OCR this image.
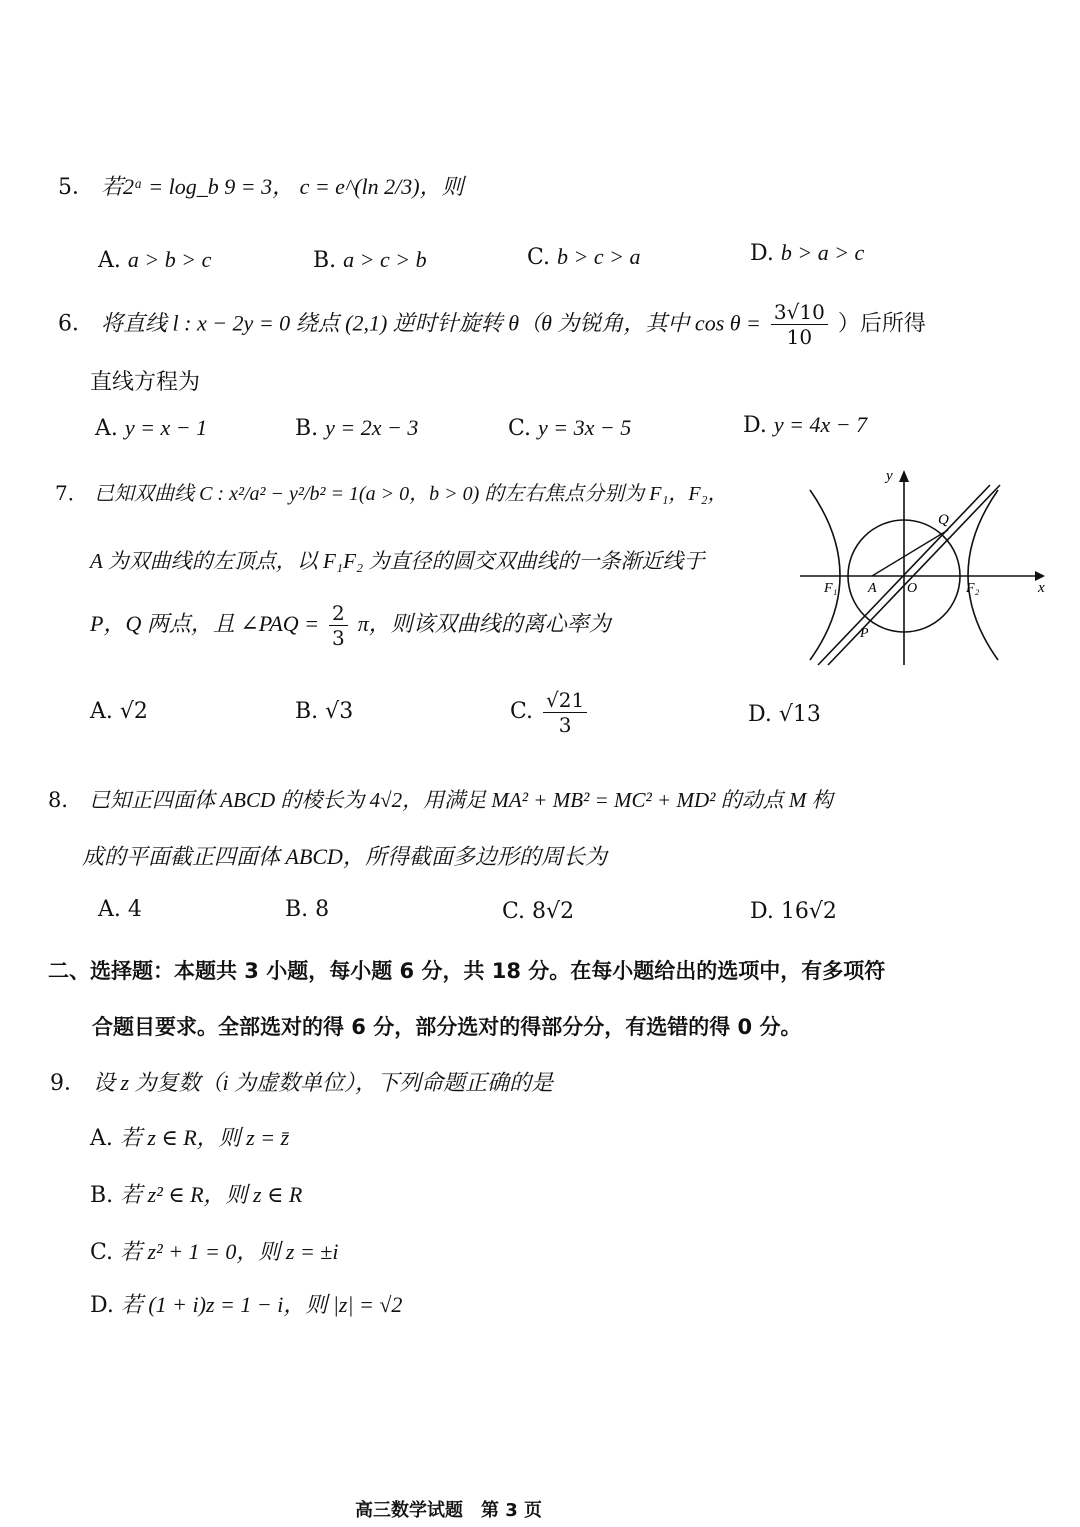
5． 若2ᵃ = log_b 9 = 3， c = e^(ln 2/3)，则
A. a > b > c	B. a > c > b	C. b > c > a	D. b > a > c
6． 将直线 l : x − 2y = 0 绕点 (2,1) 逆时针旋转 θ（θ 为锐角，其中 $\cos \theta = \frac{3√10}{10}$ ）后所得
直线方程为
A. y = x − 1	B. y = 2x − 3	C. y = 3x − 5	D. y = 4x − 7
7． 已知双曲线 C : x²/a² − y²/b² = 1(a > 0，b > 0) 的左右焦点分别为 F₁，F₂，
A 为双曲线的左顶点，以 F₁F₂ 为直径的圆交双曲线的一条渐近线于
P，Q 两点，且 ∠PAQ = $\frac{2}{3}$ π，则该双曲线的离心率为
y
x
Q
F₁ A O	F₂
P
A. √2	B. √3	C. $\frac{√21}{3}$	D. √13
8． 已知正四面体 ABCD 的棱长为 4√2，用满足 MA² + MB² = MC² + MD² 的动点 M 构
成的平面截正四面体 ABCD，所得截面多边形的周长为
A. 4	B. 8	C. 8√2	D. 16√2
二、选择题：本题共 3 小题，每小题 6 分，共 18 分。在每小题给出的选项中，有多项符
合题目要求。全部选对的得 6 分，部分选对的得部分分，有选错的得 0 分。
9． 设 z 为复数（i 为虚数单位），下列命题正确的是
A. 若 z ∈ R，则 z = z̄
B. 若 z² ∈ R，则 z ∈ R
C. 若 z² + 1 = 0，则 z = ±i
D. 若 (1 + i)z = 1 − i，则 |z| = √2
高三数学试题　第 3 页
